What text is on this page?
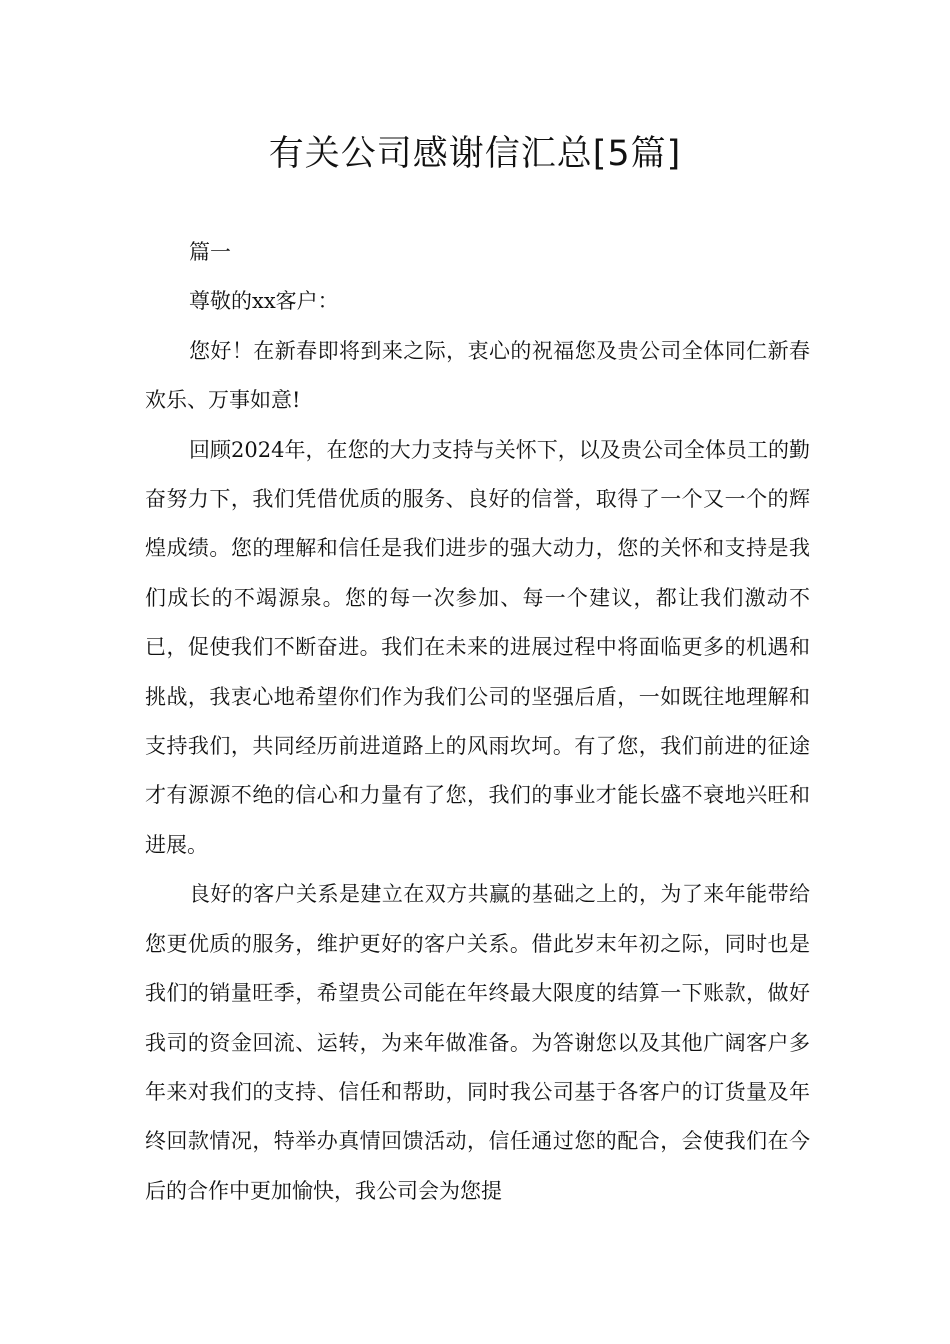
有关公司感谢信汇总[5篇]

篇一

尊敬的xx客户：

您好！在新春即将到来之际，衷心的祝福您及贵公司全体同仁新春欢乐、万事如意!

回顾2024年，在您的大力支持与关怀下，以及贵公司全体员工的勤奋努力下，我们凭借优质的服务、良好的信誉，取得了一个又一个的辉煌成绩。您的理解和信任是我们进步的强大动力，您的关怀和支持是我们成长的不竭源泉。您的每一次参加、每一个建议，都让我们激动不已，促使我们不断奋进。我们在未来的进展过程中将面临更多的机遇和挑战，我衷心地希望你们作为我们公司的坚强后盾，一如既往地理解和支持我们，共同经历前进道路上的风雨坎坷。有了您，我们前进的征途才有源源不绝的信心和力量有了您，我们的事业才能长盛不衰地兴旺和进展。

良好的客户关系是建立在双方共赢的基础之上的，为了来年能带给您更优质的服务，维护更好的客户关系。借此岁末年初之际，同时也是我们的销量旺季，希望贵公司能在年终最大限度的结算一下账款，做好我司的资金回流、运转，为来年做准备。为答谢您以及其他广阔客户多年来对我们的支持、信任和帮助，同时我公司基于各客户的订货量及年终回款情况，特举办真情回馈活动，信任通过您的配合，会使我们在今后的合作中更加愉快，我公司会为您提
